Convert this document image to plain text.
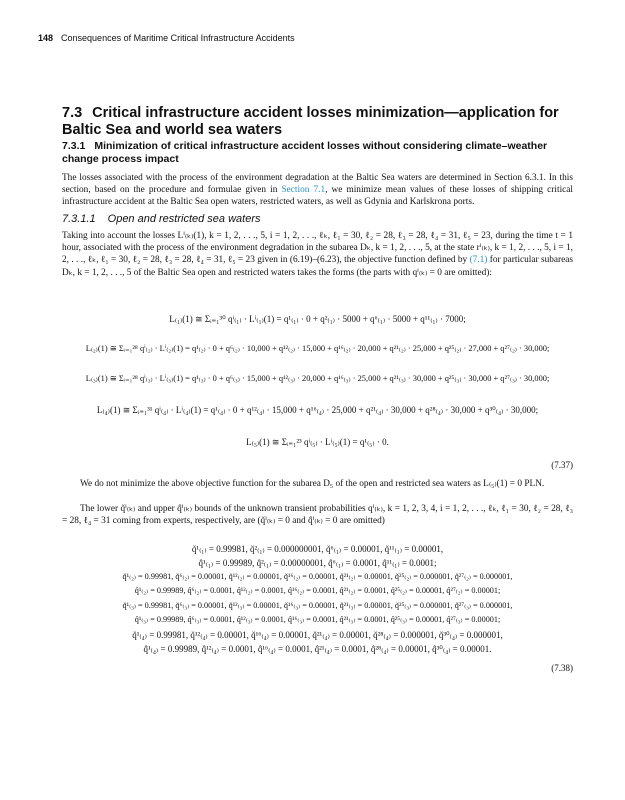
148 Consequences of Maritime Critical Infrastructure Accidents
7.3 Critical infrastructure accident losses minimization—application for Baltic Sea and world sea waters
7.3.1 Minimization of critical infrastructure accident losses without considering climate–weather change process impact
The losses associated with the process of the environment degradation at the Baltic Sea waters are determined in Section 6.3.1. In this section, based on the procedure and formulae given in Section 7.1, we minimize mean values of these losses of shipping critical infrastructure accident at the Baltic Sea open waters, restricted waters, as well as Gdynia and Karlskrona ports.
7.3.1.1 Open and restricted sea waters
Taking into account the losses Lⁱ₍ₖ₎(1), k = 1, 2, . . ., 5, i = 1, 2, . . ., ℓₖ, ℓ₁ = 30, ℓ₂ = 28, ℓ₃ = 28, ℓ₄ = 31, ℓ₅ = 23, during the time t = 1 hour, associated with the process of the environment degradation in the subarea Dₖ, k = 1, 2, . . ., 5, at the state rⁱ₍ₖ₎, k = 1, 2, . . ., 5, i = 1, 2, . . ., ℓₖ, ℓ₁ = 30, ℓ₂ = 28, ℓ₃ = 28, ℓ₄ = 31, ℓ₅ = 23 given in (6.19)–(6.23), the objective function defined by (7.1) for particular subareas Dₖ, k = 1, 2, . . ., 5 of the Baltic Sea open and restricted waters takes the forms (the parts with qⁱ₍ₖ₎ = 0 are omitted):
L₍₁₎(1) ≅ Σᵢ₌₁³⁰ qⁱ₍₁₎ · Lⁱ₍₁₎(1) = q¹₍₁₎ · 0 + q²₍₁₎ · 5000 + q⁶₍₁₎ · 5000 + q¹¹₍₁₎ · 7000;
L₍₂₎(1) ≅ Σᵢ₌₁²⁸ qⁱ₍₂₎ · Lⁱ₍₂₎(1) = q¹₍₂₎ · 0 + q⁶₍₂₎ · 10,000 + q¹²₍₂₎ · 15,000 + q¹⁶₍₂₎ · 20,000 + q²¹₍₂₎ · 25,000 + q²⁵₍₂₎ · 27,000 + q²⁷₍₂₎ · 30,000;
L₍₃₎(1) ≅ Σᵢ₌₁²⁸ qⁱ₍₃₎ · Lⁱ₍₃₎(1) = q¹₍₃₎ · 0 + q⁶₍₃₎ · 15,000 + q¹²₍₃₎ · 20,000 + q¹⁶₍₃₎ · 25,000 + q²¹₍₃₎ · 30,000 + q²⁵₍₃₎ · 30,000 + q²⁷₍₃₎ · 30,000;
L₍₄₎(1) ≅ Σᵢ₌₁³¹ qⁱ₍₄₎ · Lⁱ₍₄₎(1) = q¹₍₄₎ · 0 + q¹²₍₄₎ · 15,000 + q¹⁶₍₄₎ · 25,000 + q²¹₍₄₎ · 30,000 + q²⁸₍₄₎ · 30,000 + q³⁰₍₄₎ · 30,000;
L₍₅₎(1) ≅ Σᵢ₌₁²³ qⁱ₍₅₎ · Lⁱ₍₅₎(1) = q¹₍₅₎ · 0.
(7.37)
We do not minimize the above objective function for the subarea D₅ of the open and restricted sea waters as L₍₅₎(1) = 0 PLN.
The lower q̆ⁱ₍ₖ₎ and upper q̂ⁱ₍ₖ₎ bounds of the unknown transient probabilities qⁱ₍ₖ₎, k = 1, 2, 3, 4, i = 1, 2, . . ., ℓₖ, ℓ₁ = 30, ℓ₂ = 28, ℓ₃ = 28, ℓ₄ = 31 coming from experts, respectively, are (q̆ⁱ₍ₖ₎ = 0 and q̂ⁱ₍ₖ₎ = 0 are omitted)
q̆¹₍₁₎ = 0.99981, q̆²₍₁₎ = 0.000000001, q̆⁶₍₁₎ = 0.00001, q̆¹¹₍₁₎ = 0.00001,
q̂¹₍₁₎ = 0.99989, q̂²₍₁₎ = 0.00000001, q̂⁶₍₁₎ = 0.0001, q̂¹¹₍₁₎ = 0.0001;
q̆¹₍₂₎ = 0.99981, q̆⁶₍₂₎ = 0.00001, q̆¹²₍₂₎ = 0.00001, q̆¹⁶₍₂₎ = 0.00001, q̆²¹₍₂₎ = 0.00001, q̆²⁵₍₂₎ = 0.000001, q̆²⁷₍₂₎ = 0.000001,
q̂¹₍₂₎ = 0.99989, q̂⁶₍₂₎ = 0.0001, q̂¹²₍₂₎ = 0.0001, q̂¹⁶₍₂₎ = 0.0001, q̂²¹₍₂₎ = 0.0001, q̂²⁵₍₂₎ = 0.00001, q̂²⁷₍₂₎ = 0.00001;
q̆¹₍₃₎ = 0.99981, q̆⁶₍₃₎ = 0.00001, q̆¹²₍₃₎ = 0.00001, q̆¹⁶₍₃₎ = 0.00001, q̆²¹₍₃₎ = 0.00001, q̆²⁵₍₃₎ = 0.000001, q̆²⁷₍₃₎ = 0.000001,
q̂¹₍₃₎ = 0.99989, q̂⁶₍₃₎ = 0.0001, q̂¹²₍₃₎ = 0.0001, q̂¹⁶₍₃₎ = 0.0001, q̂²¹₍₃₎ = 0.0001, q̂²⁵₍₃₎ = 0.00001, q̂²⁷₍₃₎ = 0.00001;
q̆¹₍₄₎ = 0.99981, q̆¹²₍₄₎ = 0.00001, q̆¹⁶₍₄₎ = 0.00001, q̆²¹₍₄₎ = 0.00001, q̆²⁸₍₄₎ = 0.000001, q̆³⁰₍₄₎ = 0.000001,
q̂¹₍₄₎ = 0.99989, q̂¹²₍₄₎ = 0.0001, q̂¹⁶₍₄₎ = 0.0001, q̂²¹₍₄₎ = 0.0001, q̂²⁸₍₄₎ = 0.00001, q̂³⁰₍₄₎ = 0.00001.
(7.38)
